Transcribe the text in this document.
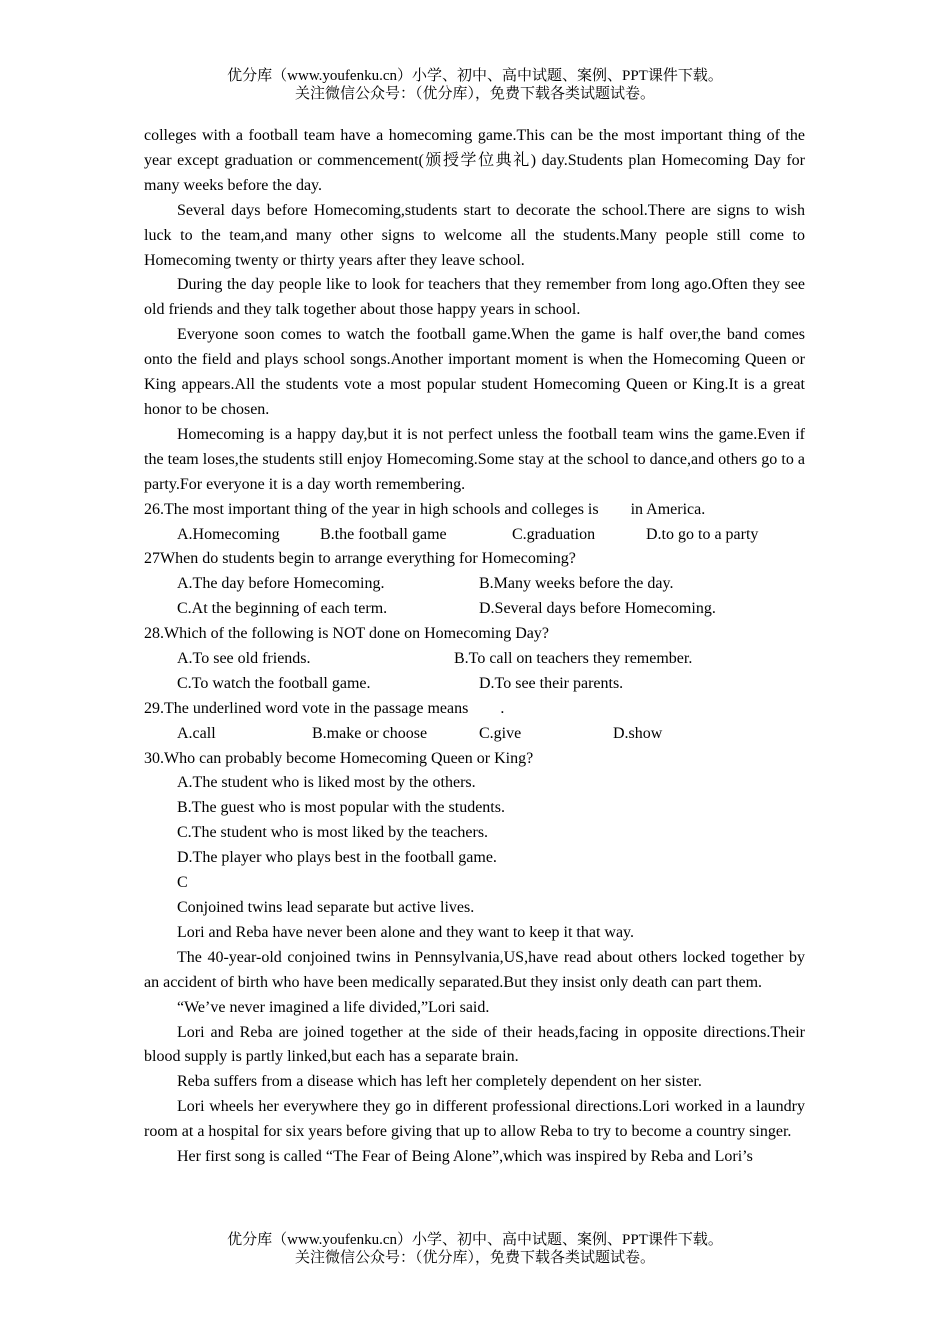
优分库（www.youfenku.cn）小学、初中、高中试题、案例、PPT课件下载。
关注微信公众号：（优分库），免费下载各类试题试卷。

colleges with a football team have a homecoming game.This can be the most important thing of the year except graduation or commencement(颁授学位典礼) day.Students plan Homecoming Day for many weeks before the day.

Several days before Homecoming,students start to decorate the school.There are signs to wish luck to the team,and many other signs to welcome all the students.Many people still come to Homecoming twenty or thirty years after they leave school.

During the day people like to look for teachers that they remember from long ago.Often they see old friends and they talk together about those happy years in school.

Everyone soon comes to watch the football game.When the game is half over,the band comes onto the field and plays school songs.Another important moment is when the Homecoming Queen or King appears.All the students vote a most popular student Homecoming Queen or King.It is a great honor to be chosen.

Homecoming is a happy day,but it is not perfect unless the football team wins the game.Even if the team loses,the students still enjoy Homecoming.Some stay at the school to dance,and others go to a party.For everyone it is a day worth remembering.

26.The most important thing of the year in high schools and colleges is        in America.

A.Homecoming	B.the football game	C.graduation	D.to go to a party

27When do students begin to arrange everything for Homecoming?

A.The day before Homecoming.	B.Many weeks before the day.
C.At the beginning of each term.	D.Several days before Homecoming.

28.Which of the following is NOT done on Homecoming Day?

A.To see old friends.	B.To call on teachers they remember.
C.To watch the football game.	D.To see their parents.

29.The underlined word vote in the passage means        .

A.call	B.make or choose	C.give	D.show

30.Who can probably become Homecoming Queen or King?

A.The student who is liked most by the others.

B.The guest who is most popular with the students.

C.The student who is most liked by the teachers.

D.The player who plays best in the football game.

C

Conjoined twins lead separate but active lives.

Lori and Reba have never been alone and they want to keep it that way.

The 40-year-old conjoined twins in Pennsylvania,US,have read about others locked together by an accident of birth who have been medically separated.But they insist only death can part them.

“We’ve never imagined a life divided,”Lori said.

Lori and Reba are joined together at the side of their heads,facing in opposite directions.Their blood supply is partly linked,but each has a separate brain.

Reba suffers from a disease which has left her completely dependent on her sister.

Lori wheels her everywhere they go in different professional directions.Lori worked in a laundry room at a hospital for six years before giving that up to allow Reba to try to become a country singer.

Her first song is called “The Fear of Being Alone”,which was inspired by Reba and Lori’s

优分库（www.youfenku.cn）小学、初中、高中试题、案例、PPT课件下载。
关注微信公众号：（优分库），免费下载各类试题试卷。
